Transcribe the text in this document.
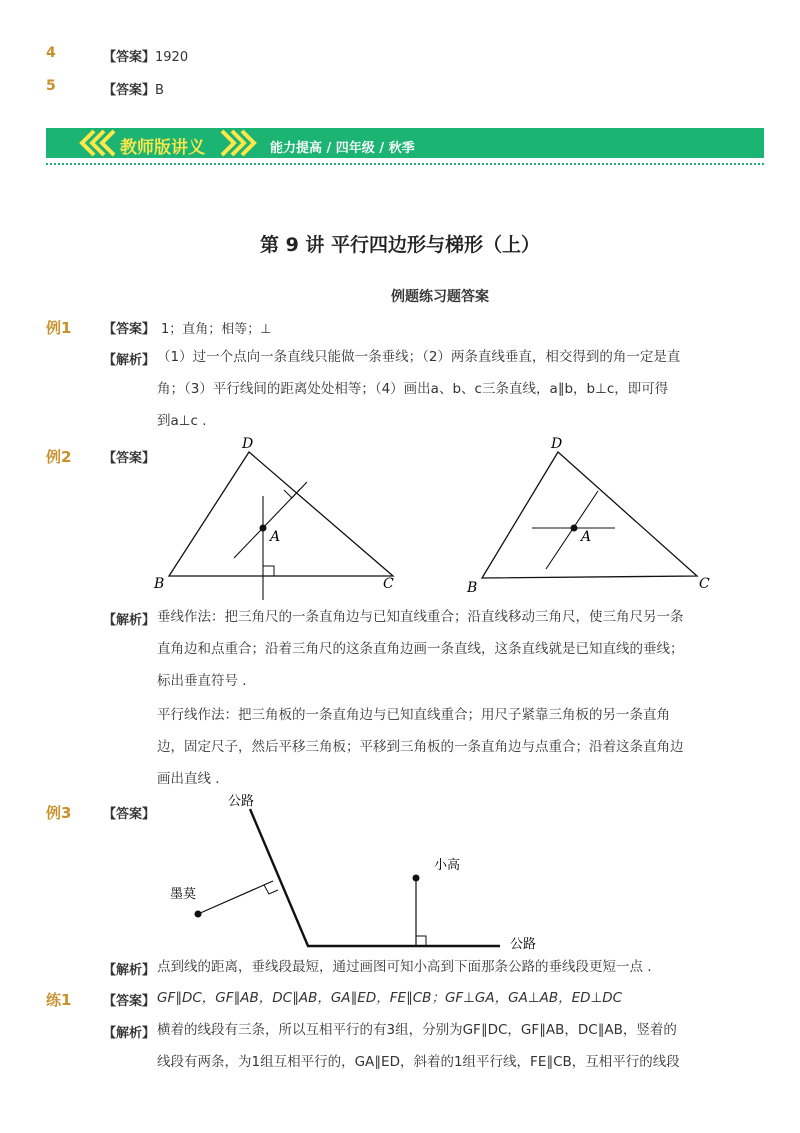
4	【答案】1920
5	【答案】B
教师版讲义	能力提高 / 四年级 / 秋季
第 9 讲 平行四边形与梯形（上）
例题练习题答案
例1 【答案】 1；直角；相等；⊥
【解析】 （1）过一个点向一条直线只能做一条垂线；（2）两条直线垂直，相交得到的角一定是直
角；（3）平行线间的距离处处相等；（4）画出a、b、c三条直线，a∥b，b⊥c，即可得
到a⊥c .
例2 【答案】
D
A
B	C
D
A
B	C
【解析】 垂线作法：把三角尺的一条直角边与已知直线重合；沿直线移动三角尺，使三角尺另一条
直角边和点重合；沿着三角尺的这条直角边画一条直线，这条直线就是已知直线的垂线；
标出垂直符号 .
平行线作法：把三角板的一条直角边与已知直线重合；用尺子紧靠三角板的另一条直角
边，固定尺子，然后平移三角板；平移到三角板的一条直角边与点重合；沿着这条直角边
画出直线 .
例3 【答案】
公路
公路
墨莫
小高
【解析】 点到线的距离，垂线段最短，通过画图可知小高到下面那条公路的垂线段更短一点 .
练1 【答案】 GF∥DC，GF∥AB，DC∥AB，GA∥ED，FE∥CB；GF⊥GA，GA⊥AB，ED⊥DC
【解析】 横着的线段有三条，所以互相平行的有3组，分别为GF∥DC，GF∥AB，DC∥AB，竖着的
线段有两条，为1组互相平行的，GA∥ED，斜着的1组平行线，FE∥CB，互相平行的线段
